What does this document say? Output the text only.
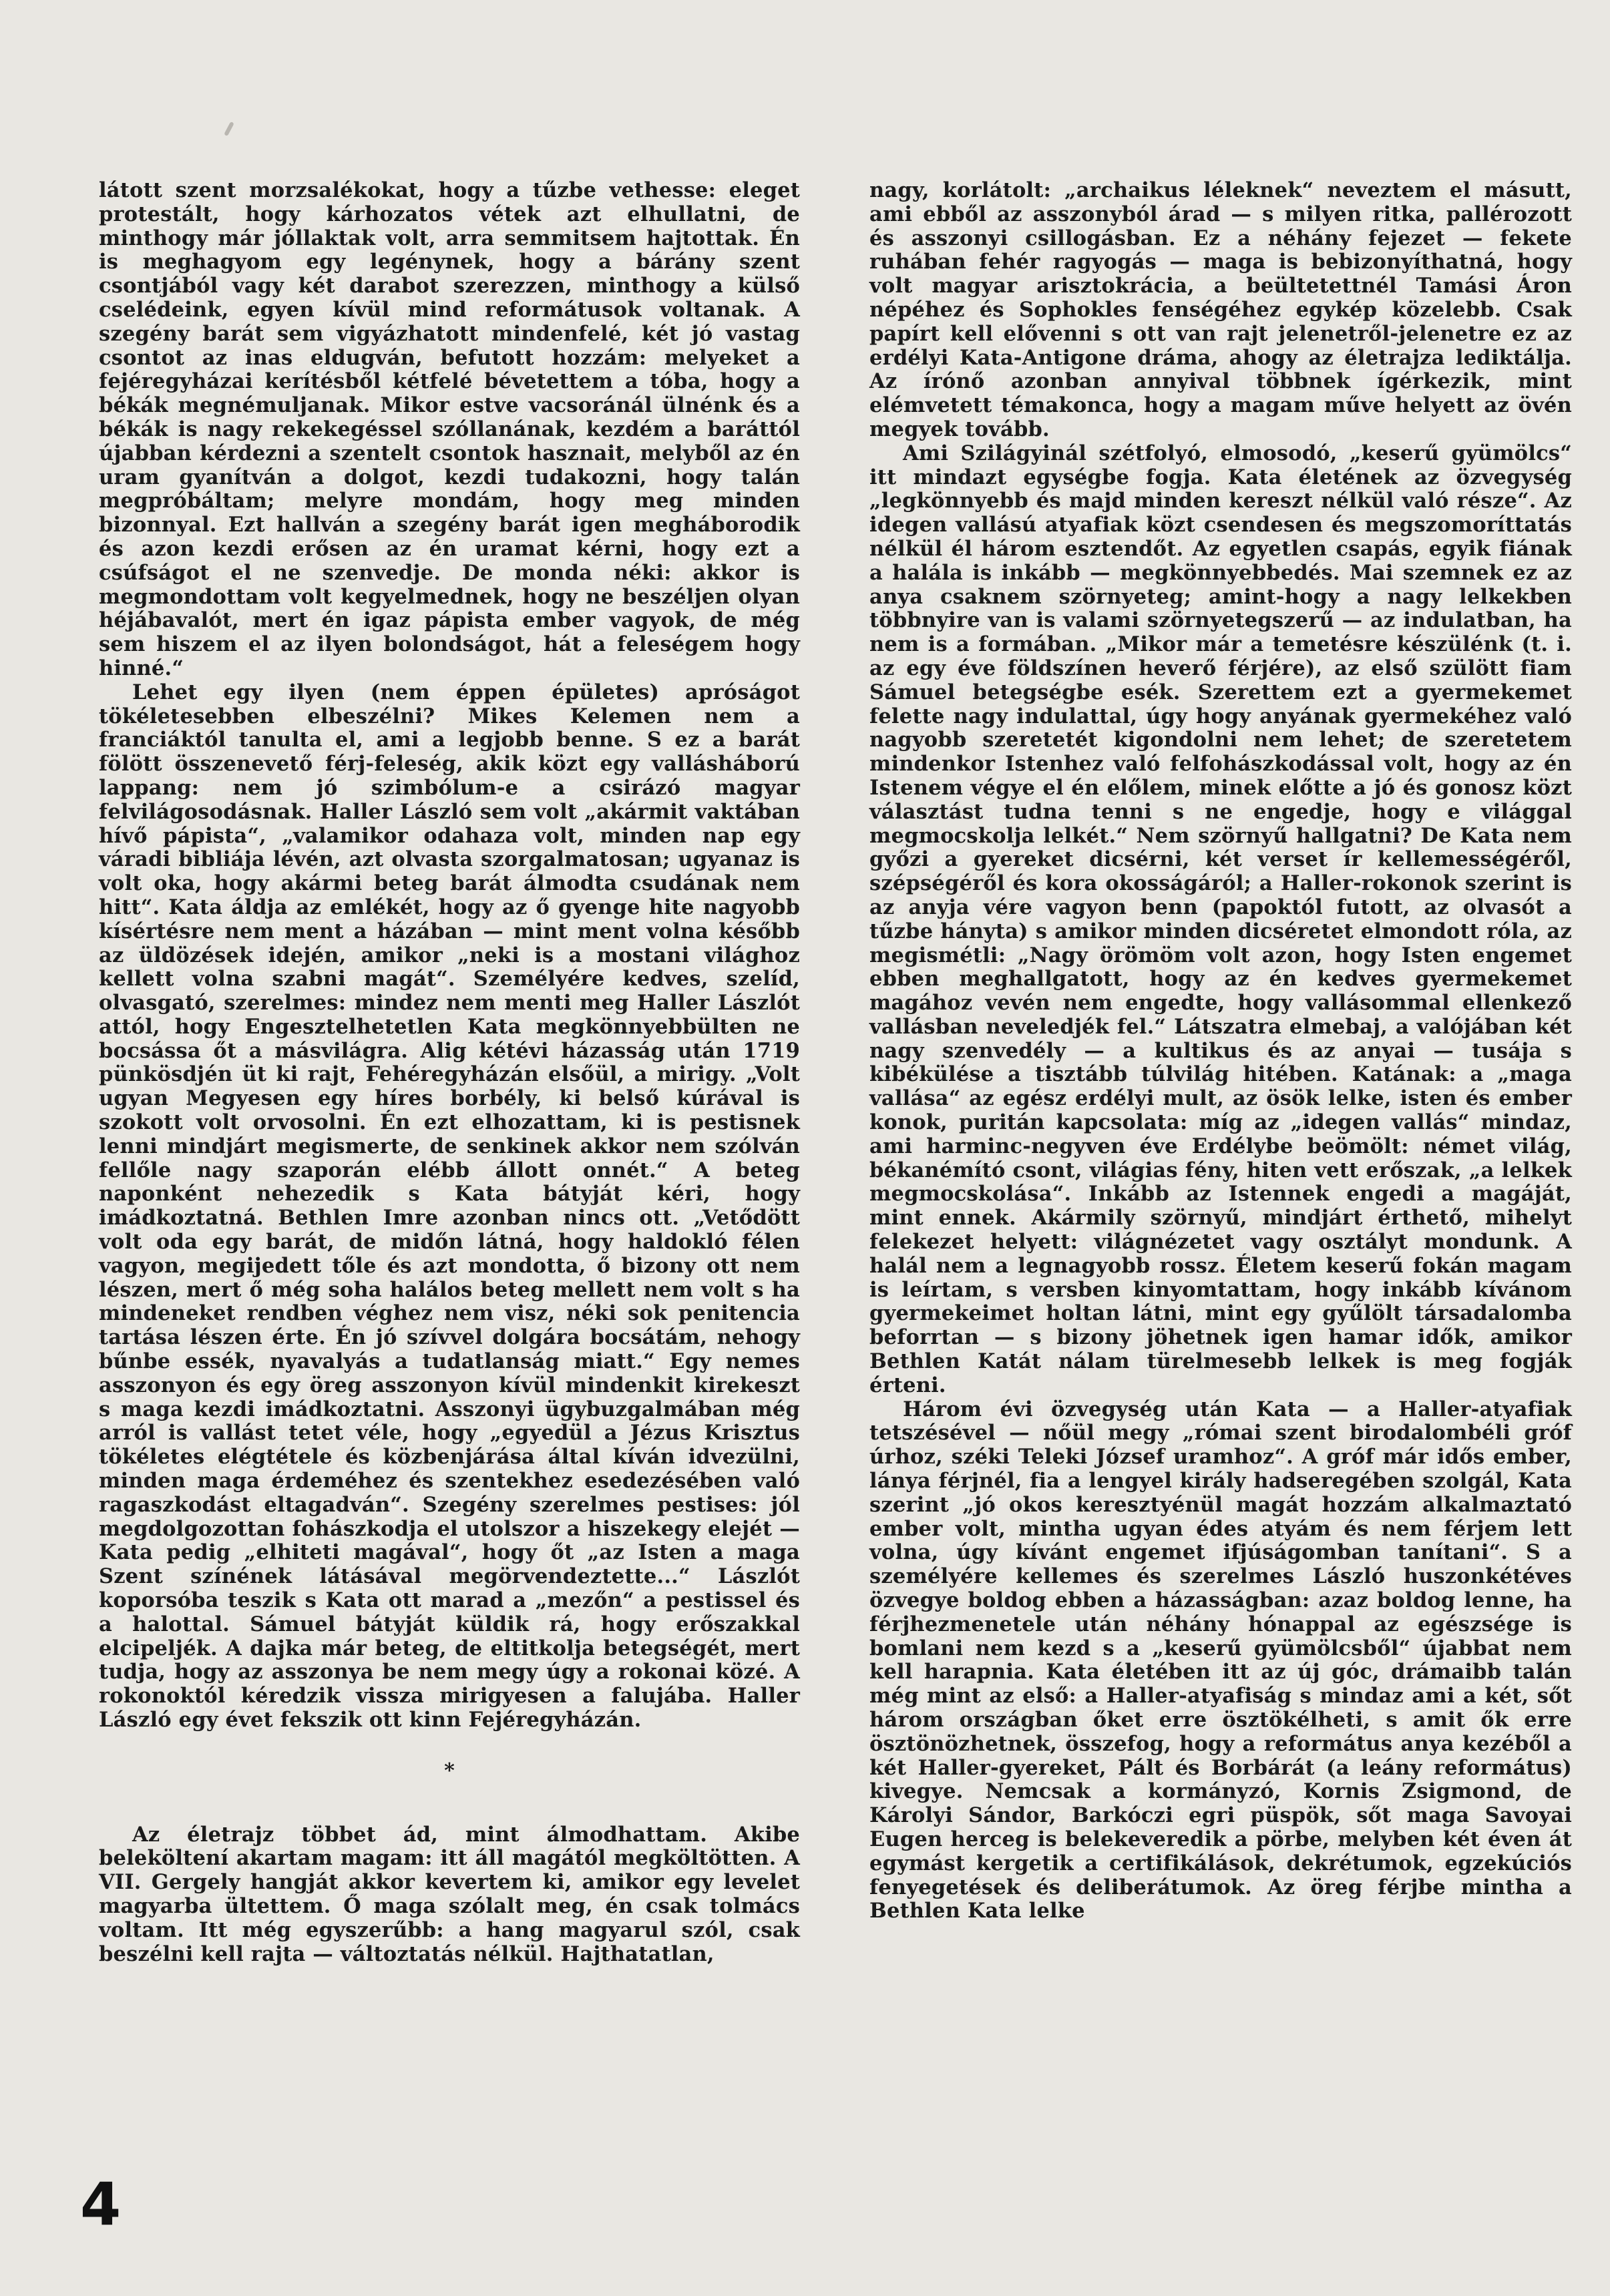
látott szent morzsalékokat, hogy a tűzbe vethesse: eleget protestált, hogy kárhozatos vétek azt elhullatni, de minthogy már jóllaktak volt, arra semmitsem hajtottak. Én is meghagyom egy legénynek, hogy a bárány szent csontjából vagy két darabot szerezzen, minthogy a külső cselédeink, egyen kívül mind reformátusok voltanak. A szegény barát sem vigyázhatott mindenfelé, két jó vastag csontot az inas eldugván, befutott hozzám: melyeket a fejéregyházai kerítésből kétfelé bévetettem a tóba, hogy a békák megnémuljanak. Mikor estve vacsoránál ülnénk és a békák is nagy rekekegéssel szóllanának, kezdém a baráttól újabban kérdezni a szentelt csontok hasznait, melyből az én uram gyanítván a dolgot, kezdi tudakozni, hogy talán megpróbáltam; melyre mondám, hogy meg minden bizonnyal. Ezt hallván a szegény barát igen megháborodik és azon kezdi erősen az én uramat kérni, hogy ezt a csúfságot el ne szenvedje. De monda néki: akkor is megmondottam volt kegyelmednek, hogy ne beszéljen olyan héjábavalót, mert én igaz pápista ember vagyok, de még sem hiszem el az ilyen bolondságot, hát a feleségem hogy hinné.“

Lehet egy ilyen (nem éppen épületes) apróságot tökéletesebben elbeszélni? Mikes Kelemen nem a franciáktól tanulta el, ami a legjobb benne. S ez a barát fölött összenevető férj-feleség, akik közt egy vallásháború lappang: nem jó szimbólum-e a csirázó magyar felvilágosodásnak. Haller László sem volt „akármit vaktában hívő pápista“, „valamikor odahaza volt, minden nap egy váradi bibliája lévén, azt olvasta szorgalmatosan; ugyanaz is volt oka, hogy akármi beteg barát álmodta csudának nem hitt“. Kata áldja az emlékét, hogy az ő gyenge hite nagyobb kísértésre nem ment a házában — mint ment volna később az üldözések idején, amikor „neki is a mostani világhoz kellett volna szabni magát“. Személyére kedves, szelíd, olvasgató, szerelmes: mindez nem menti meg Haller Lászlót attól, hogy Engesztelhetetlen Kata megkönnyebbülten ne bocsássa őt a másvilágra. Alig kétévi házasság után 1719 pünkösdjén üt ki rajt, Fehéregyházán elsőül, a mirigy. „Volt ugyan Megyesen egy híres borbély, ki belső kúrával is szokott volt orvosolni. Én ezt elhozattam, ki is pestisnek lenni mindjárt megismerte, de senkinek akkor nem szólván fellőle nagy szaporán elébb állott onnét.“ A beteg naponként nehezedik s Kata bátyját kéri, hogy imádkoztatná. Bethlen Imre azonban nincs ott. „Vetődött volt oda egy barát, de midőn látná, hogy haldokló félen vagyon, megijedett tőle és azt mondotta, ő bizony ott nem lészen, mert ő még soha halálos beteg mellett nem volt s ha mindeneket rendben véghez nem visz, néki sok penitencia tartása lészen érte. Én jó szívvel dolgára bocsátám, nehogy bűnbe essék, nyavalyás a tudatlanság miatt.“ Egy nemes asszonyon és egy öreg asszonyon kívül mindenkit kirekeszt s maga kezdi imádkoztatni. Asszonyi ügybuzgalmában még arról is vallást tetet véle, hogy „egyedül a Jézus Krisztus tökéletes elégtétele és közbenjárása által kíván idvezülni, minden maga érdeméhez és szentekhez esedezésében való ragaszkodást eltagadván“. Szegény szerelmes pestises: jól megdolgozottan fohászkodja el utolszor a hiszekegy elejét — Kata pedig „elhiteti magával“, hogy őt „az Isten a maga Szent színének látásával megörvendeztette...“ Lászlót koporsóba teszik s Kata ott marad a „mezőn“ a pestissel és a halottal. Sámuel bátyját küldik rá, hogy erőszakkal elcipeljék. A dajka már beteg, de eltitkolja betegségét, mert tudja, hogy az asszonya be nem megy úgy a rokonai közé. A rokonoktól kéredzik vissza mirigyesen a falujába. Haller László egy évet fekszik ott kinn Fejéregyházán.

*

Az életrajz többet ád, mint álmodhattam. Akibe beleköltení akartam magam: itt áll magától megköltötten. A VII. Gergely hangját akkor kevertem ki, amikor egy levelet magyarba ültettem. Ő maga szólalt meg, én csak tolmács voltam. Itt még egyszerűbb: a hang magyarul szól, csak beszélni kell rajta — változtatás nélkül. Hajthatatlan,

nagy, korlátolt: „archaikus léleknek“ neveztem el másutt, ami ebből az asszonyból árad — s milyen ritka, pallérozott és asszonyi csillogásban. Ez a néhány fejezet — fekete ruhában fehér ragyogás — maga is bebizonyíthatná, hogy volt magyar arisztokrácia, a beültetettnél Tamási Áron népéhez és Sophokles fenségéhez egykép közelebb. Csak papírt kell elővenni s ott van rajt jelenetről-jelenetre ez az erdélyi Kata-Antigone dráma, ahogy az életrajza lediktálja. Az írónő azonban annyival többnek ígérkezik, mint elémvetett témakonca, hogy a magam műve helyett az övén megyek tovább.

Ami Szilágyinál szétfolyó, elmosodó, „keserű gyümölcs“ itt mindazt egységbe fogja. Kata életének az özvegység „legkönnyebb és majd minden kereszt nélkül való része“. Az idegen vallású atyafiak közt csendesen és megszomoríttatás nélkül él három esztendőt. Az egyetlen csapás, egyik fiának a halála is inkább — megkönnyebbedés. Mai szemnek ez az anya csaknem szörnyeteg; amint-hogy a nagy lelkekben többnyire van is valami szörnyetegszerű — az indulatban, ha nem is a formában. „Mikor már a temetésre készülénk (t. i. az egy éve földszínen heverő férjére), az első szülött fiam Sámuel betegségbe esék. Szerettem ezt a gyermekemet felette nagy indulattal, úgy hogy anyának gyermekéhez való nagyobb szeretetét kigondolni nem lehet; de szeretetem mindenkor Istenhez való felfohászkodással volt, hogy az én Istenem végye el én előlem, minek előtte a jó és gonosz közt választást tudna tenni s ne engedje, hogy e világgal megmocskolja lelkét.“ Nem szörnyű hallgatni? De Kata nem győzi a gyereket dicsérni, két verset ír kellemességéről, szépségéről és kora okosságáról; a Haller-rokonok szerint is az anyja vére vagyon benn (papoktól futott, az olvasót a tűzbe hányta) s amikor minden dicséretet elmondott róla, az megismétli: „Nagy örömöm volt azon, hogy Isten engemet ebben meghallgatott, hogy az én kedves gyermekemet magához vevén nem engedte, hogy vallásommal ellenkező vallásban neveledjék fel.“ Látszatra elmebaj, a valójában két nagy szenvedély — a kultikus és az anyai — tusája s kibékülése a tisztább túlvilág hitében. Katának: a „maga vallása“ az egész erdélyi mult, az ösök lelke, isten és ember konok, puritán kapcsolata: míg az „idegen vallás“ mindaz, ami harminc-negyven éve Erdélybe beömölt: német világ, békanémító csont, világias fény, hiten vett erőszak, „a lelkek megmocskolása“. Inkább az Istennek engedi a magáját, mint ennek. Akármily szörnyű, mindjárt érthető, mihelyt felekezet helyett: világnézetet vagy osztályt mondunk. A halál nem a legnagyobb rossz. Életem keserű fokán magam is leírtam, s versben kinyomtattam, hogy inkább kívánom gyermekeimet holtan látni, mint egy gyűlölt társadalomba beforrtan — s bizony jöhetnek igen hamar idők, amikor Bethlen Katát nálam türelmesebb lelkek is meg fogják érteni.

Három évi özvegység után Kata — a Haller-atyafiak tetszésével — nőül megy „római szent birodalombéli gróf úrhoz, széki Teleki József uramhoz“. A gróf már idős ember, lánya férjnél, fia a lengyel király hadseregében szolgál, Kata szerint „jó okos keresztyénül magát hozzám alkalmaztató ember volt, mintha ugyan édes atyám és nem férjem lett volna, úgy kívánt engemet ifjúságomban tanítani“. S a személyére kellemes és szerelmes László huszonkétéves özvegye boldog ebben a házasságban: azaz boldog lenne, ha férjhezmenetele után néhány hónappal az egészsége is bomlani nem kezd s a „keserű gyümölcsből“ újabbat nem kell harapnia. Kata életében itt az új góc, drámaibb talán még mint az első: a Haller-atyafiság s mindaz ami a két, sőt három országban őket erre ösztökélheti, s amit ők erre ösztönözhetnek, összefog, hogy a református anya kezéből a két Haller-gyereket, Pált és Borbárát (a leány református) kivegye. Nemcsak a kormányzó, Kornis Zsigmond, de Károlyi Sándor, Barkóczi egri püspök, sőt maga Savoyai Eugen herceg is belekeveredik a pörbe, melyben két éven át egymást kergetik a certifikálások, dekrétumok, egzekúciós fenyegetések és deliberátumok. Az öreg férjbe mintha a Bethlen Kata lelke

4
